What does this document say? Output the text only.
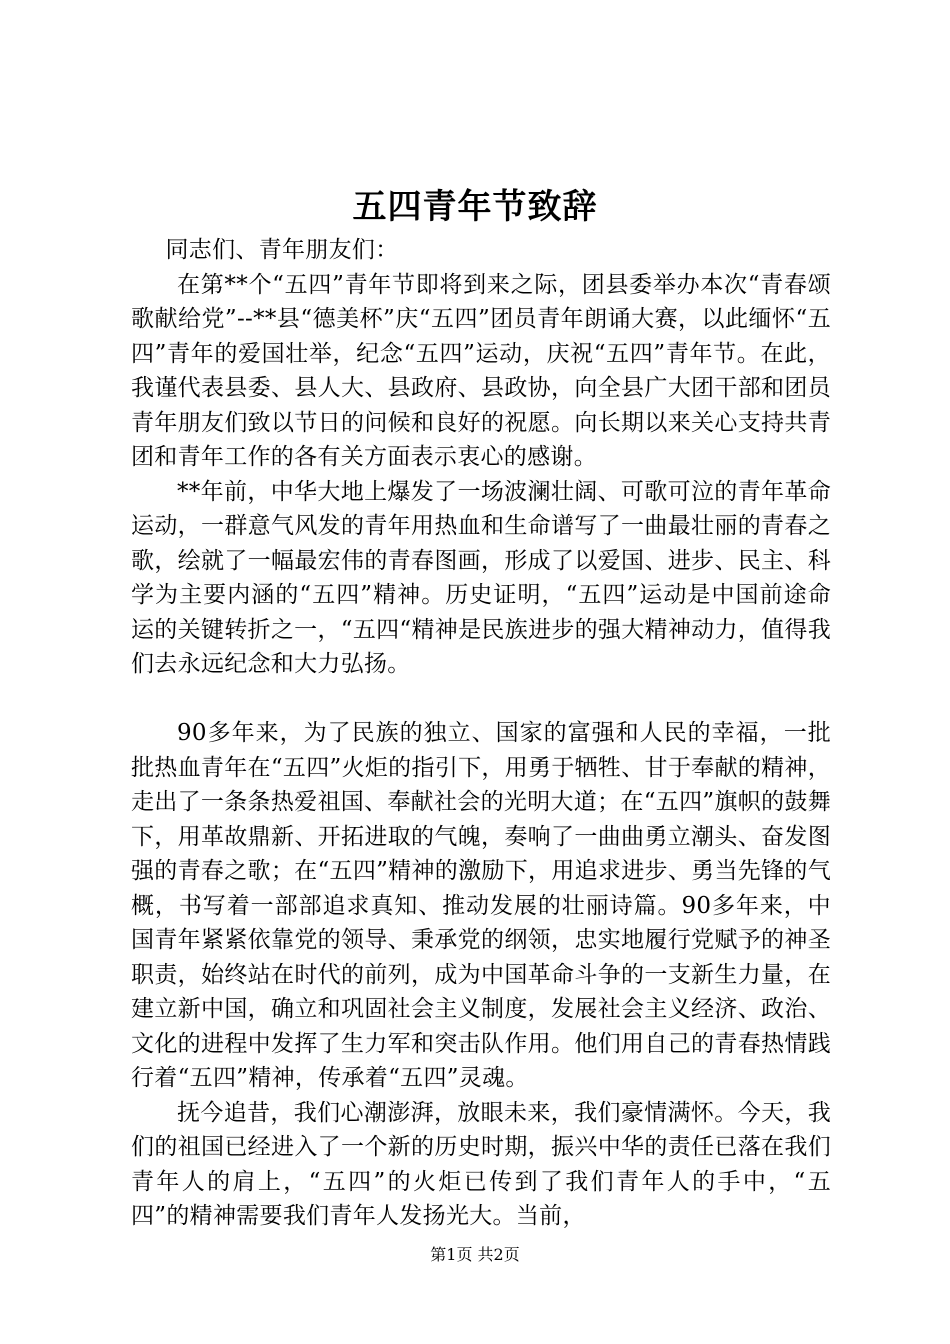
五四青年节致辞

同志们、青年朋友们：

在第**个“五四”青年节即将到来之际，团县委举办本次“青春颂歌献给党”--**县“德美杯”庆“五四”团员青年朗诵大赛，以此缅怀“五四”青年的爱国壮举，纪念“五四”运动，庆祝“五四”青年节。在此，我谨代表县委、县人大、县政府、县政协，向全县广大团干部和团员青年朋友们致以节日的问候和良好的祝愿。向长期以来关心支持共青团和青年工作的各有关方面表示衷心的感谢。

**年前，中华大地上爆发了一场波澜壮阔、可歌可泣的青年革命运动，一群意气风发的青年用热血和生命谱写了一曲最壮丽的青春之歌，绘就了一幅最宏伟的青春图画，形成了以爱国、进步、民主、科学为主要内涵的“五四”精神。历史证明，“五四”运动是中国前途命运的关键转折之一，“五四“精神是民族进步的强大精神动力，值得我们去永远纪念和大力弘扬。

90多年来，为了民族的独立、国家的富强和人民的幸福，一批批热血青年在“五四”火炬的指引下，用勇于牺牲、甘于奉献的精神，走出了一条条热爱祖国、奉献社会的光明大道；在“五四”旗帜的鼓舞下，用革故鼎新、开拓进取的气魄，奏响了一曲曲勇立潮头、奋发图强的青春之歌；在“五四”精神的激励下，用追求进步、勇当先锋的气概，书写着一部部追求真知、推动发展的壮丽诗篇。90多年来，中国青年紧紧依靠党的领导、秉承党的纲领，忠实地履行党赋予的神圣职责，始终站在时代的前列，成为中国革命斗争的一支新生力量，在建立新中国，确立和巩固社会主义制度，发展社会主义经济、政治、文化的进程中发挥了生力军和突击队作用。他们用自己的青春热情践行着“五四”精神，传承着“五四”灵魂。

抚今追昔，我们心潮澎湃，放眼未来，我们豪情满怀。今天，我们的祖国已经进入了一个新的历史时期，振兴中华的责任已落在我们青年人的肩上，“五四”的火炬已传到了我们青年人的手中，“五四”的精神需要我们青年人发扬光大。当前，

第1页 共2页
